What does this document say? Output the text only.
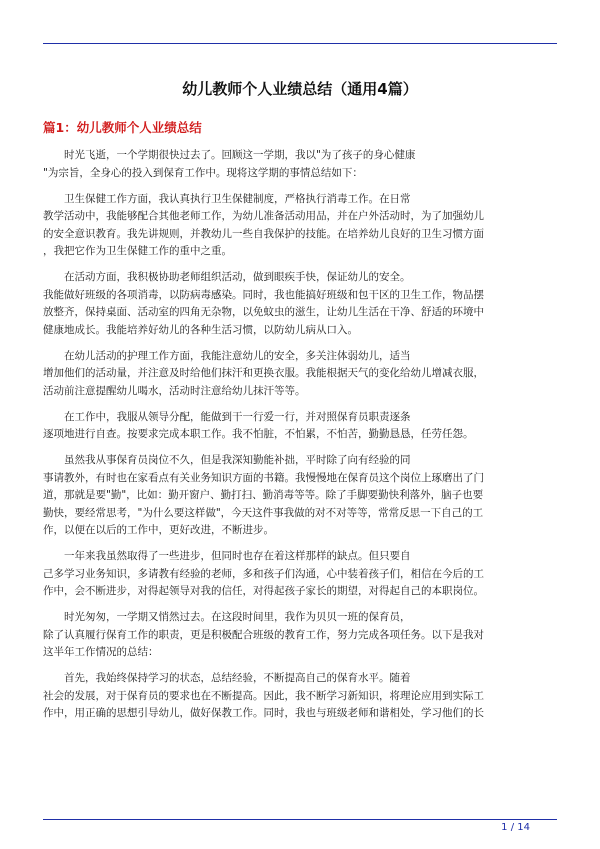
幼儿教师个人业绩总结（通用4篇）
篇1：幼儿教师个人业绩总结

　　时光飞逝，一个学期很快过去了。回顾这一学期，我以"为了孩子的身心健康
"为宗旨，全身心的投入到保育工作中。现将这学期的事情总结如下：

　　卫生保健工作方面，我认真执行卫生保健制度，严格执行消毒工作。在日常
教学活动中，我能够配合其他老师工作，为幼儿准备活动用品，并在户外活动时，为了加强幼儿
的安全意识教育。我先讲规则，并教幼儿一些自我保护的技能。在培养幼儿良好的卫生习惯方面
，我把它作为卫生保健工作的重中之重。

　　在活动方面，我积极协助老师组织活动，做到眼疾手快，保证幼儿的安全。
我能做好班级的各项消毒，以防病毒感染。同时，我也能搞好班级和包干区的卫生工作，物品摆
放整齐，保持桌面、活动室的四角无杂物，以免蚊虫的滋生，让幼儿生活在干净、舒适的环境中
健康地成长。我能培养好幼儿的各种生活习惯，以防幼儿病从口入。

　　在幼儿活动的护理工作方面，我能注意幼儿的安全，多关注体弱幼儿，适当
增加他们的活动量，并注意及时给他们抹汗和更换衣服。我能根据天气的变化给幼儿增减衣服，
活动前注意提醒幼儿喝水，活动时注意给幼儿抹汗等等。

　　在工作中，我服从领导分配，能做到干一行爱一行，并对照保育员职责逐条
逐项地进行自查。按要求完成本职工作。我不怕脏，不怕累，不怕苦，勤勤恳恳，任劳任怨。

　　虽然我从事保育员岗位不久，但是我深知勤能补拙，平时除了向有经验的同
事请教外，有时也在家看点有关业务知识方面的书籍。我慢慢地在保育员这个岗位上琢磨出了门
道，那就是要"勤"，比如：勤开窗户、勤打扫、勤消毒等等。除了手脚要勤快利落外，脑子也要
勤快，要经常思考，"为什么要这样做"，今天这件事我做的对不对等等，常常反思一下自己的工
作，以便在以后的工作中，更好改进，不断进步。

　　一年来我虽然取得了一些进步，但同时也存在着这样那样的缺点。但只要自
己多学习业务知识，多请教有经验的老师，多和孩子们沟通，心中装着孩子们，相信在今后的工
作中，会不断进步，对得起领导对我的信任，对得起孩子家长的期望，对得起自己的本职岗位。

　　时光匆匆，一学期又悄然过去。在这段时间里，我作为贝贝一班的保育员，
除了认真履行保育工作的职责，更是积极配合班级的教育工作，努力完成各项任务。以下是我对
这半年工作情况的总结：

　　首先，我始终保持学习的状态，总结经验，不断提高自己的保育水平。随着
社会的发展，对于保育员的要求也在不断提高。因此，我不断学习新知识，将理论应用到实际工
作中，用正确的思想引导幼儿，做好保教工作。同时，我也与班级老师和谐相处，学习他们的长

1 / 14
